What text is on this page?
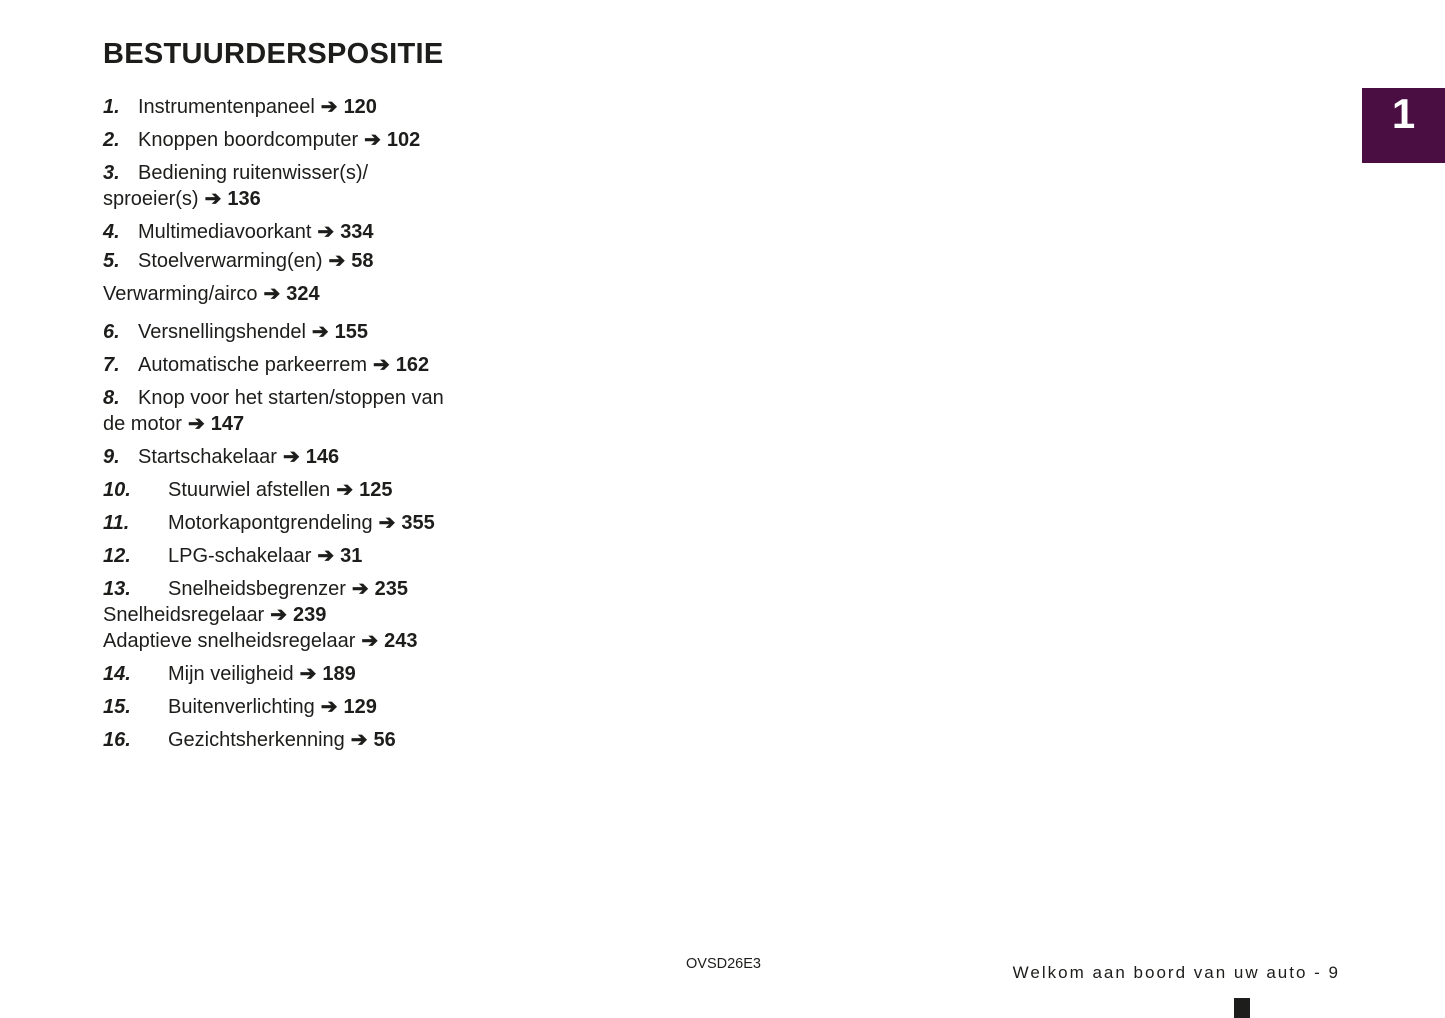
BESTUURDERSPOSITIE
1
1. Instrumentenpaneel ➔ 120
2. Knoppen boordcomputer ➔ 102
3. Bediening ruitenwisser(s)/
sproeier(s) ➔ 136
4. Multimediavoorkant ➔ 334
5. Stoelverwarming(en) ➔ 58
Verwarming/airco ➔ 324
6. Versnellingshendel ➔ 155
7. Automatische parkeerrem ➔ 162
8. Knop voor het starten/stoppen van
de motor ➔ 147
9. Startschakelaar ➔ 146
10. Stuurwiel afstellen ➔ 125
11. Motorkapontgrendeling ➔ 355
12. LPG-schakelaar ➔ 31
13. Snelheidsbegrenzer ➔ 235
Snelheidsregelaar ➔ 239
Adaptieve snelheidsregelaar ➔ 243
14. Mijn veiligheid ➔ 189
15. Buitenverlichting ➔ 129
16. Gezichtsherkenning ➔ 56
OVSD26E3	Welkom aan boord van uw auto - 9
